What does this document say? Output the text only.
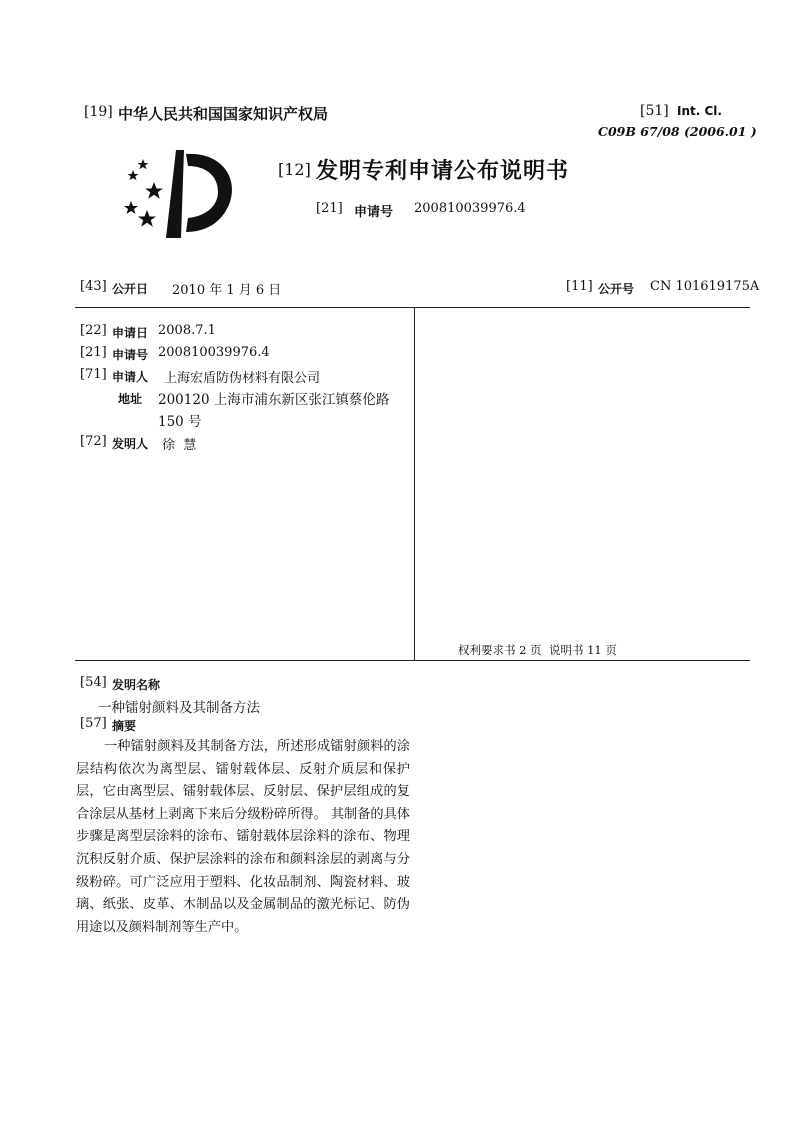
[19] 中华人民共和国国家知识产权局	[51] Int. Cl.
C09B 67/08 (2006.01 )
[12] 发明专利申请公布说明书
[21] 申请号 200810039976.4
[43] 公开日 2010 年 1 月 6 日	[11] 公开号 CN 101619175A
[22] 申请日 2008.7.1
[21] 申请号 200810039976.4
[71] 申请人 上海宏盾防伪材料有限公司
地址 200120 上海市浦东新区张江镇蔡伦路
150 号
[72] 发明人 徐  慧
权利要求书 2 页  说明书 11 页
[54] 发明名称
一种镭射颜料及其制备方法
[57] 摘要

一种镭射颜料及其制备方法，所述形成镭射颜料的涂层结构依次为离型层、镭射载体层、反射介质层和保护层，它由离型层、镭射载体层、反射层、保护层组成的复合涂层从基材上剥离下来后分级粉碎所得。 其制备的具体步骤是离型层涂料的涂布、镭射载体层涂料的涂布、物理沉积反射介质、保护层涂料的涂布和颜料涂层的剥离与分级粉碎。可广泛应用于塑料、化妆品制剂、陶瓷材料、玻璃、纸张、皮革、木制品以及金属制品的激光标记、防伪用途以及颜料制剂等生产中。
